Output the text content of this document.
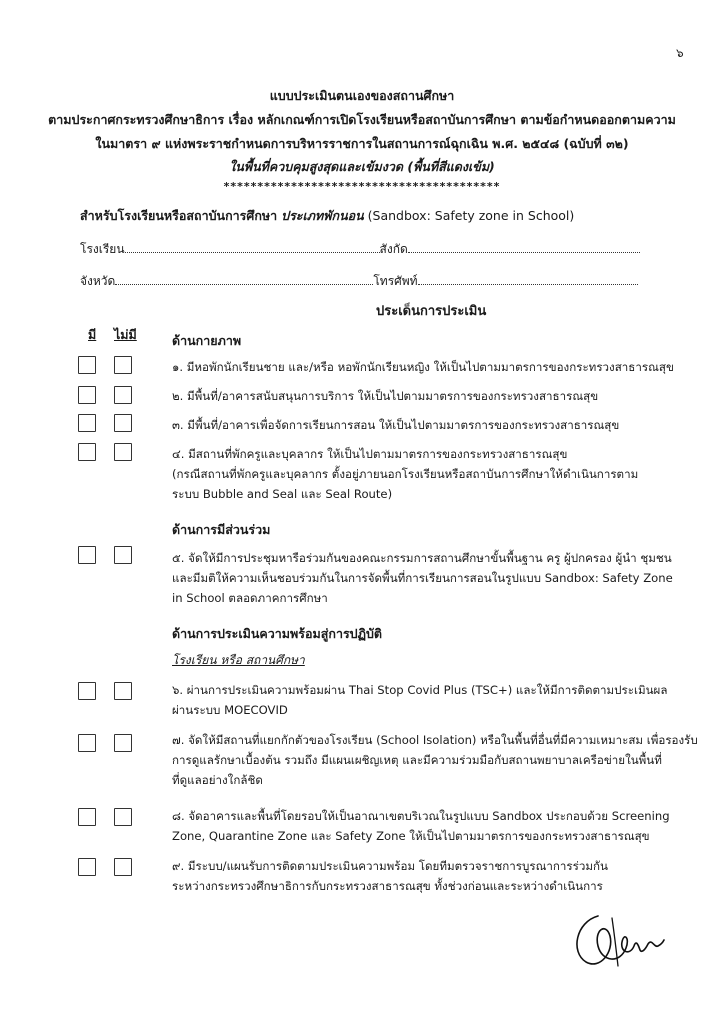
๖
แบบประเมินตนเองของสถานศึกษา
ตามประกาศกระทรวงศึกษาธิการ เรื่อง หลักเกณฑ์การเปิดโรงเรียนหรือสถาบันการศึกษา ตามข้อกำหนดออกตามความ
ในมาตรา ๙ แห่งพระราชกำหนดการบริหารราชการในสถานการณ์ฉุกเฉิน พ.ศ. ๒๕๔๘ (ฉบับที่ ๓๒)
ในพื้นที่ควบคุมสูงสุดและเข้มงวด (พื้นที่สีแดงเข้ม)
*****************************************
สำหรับโรงเรียนหรือสถาบันการศึกษา ประเภทพักนอน (Sandbox: Safety zone in School)
โรงเรียน	สังกัด
จังหวัด	โทรศัพท์
ประเด็นการประเมิน
มี ไม่มี	ด้านกายภาพ
๑. มีหอพักนักเรียนชาย และ/หรือ หอพักนักเรียนหญิง ให้เป็นไปตามมาตรการของกระทรวงสาธารณสุข
๒. มีพื้นที่/อาคารสนับสนุนการบริการ ให้เป็นไปตามมาตรการของกระทรวงสาธารณสุข
๓. มีพื้นที่/อาคารเพื่อจัดการเรียนการสอน ให้เป็นไปตามมาตรการของกระทรวงสาธารณสุข
๔. มีสถานที่พักครูและบุคลากร ให้เป็นไปตามมาตรการของกระทรวงสาธารณสุข
(กรณีสถานที่พักครูและบุคลากร ตั้งอยู่ภายนอกโรงเรียนหรือสถาบันการศึกษาให้ดำเนินการตาม
ระบบ Bubble and Seal และ Seal Route)
ด้านการมีส่วนร่วม
๕. จัดให้มีการประชุมหารือร่วมกันของคณะกรรมการสถานศึกษาขั้นพื้นฐาน ครู ผู้ปกครอง ผู้นำ ชุมชน
และมีมติให้ความเห็นชอบร่วมกันในการจัดพื้นที่การเรียนการสอนในรูปแบบ Sandbox: Safety Zone
in School ตลอดภาคการศึกษา
ด้านการประเมินความพร้อมสู่การปฏิบัติ
โรงเรียน หรือ สถานศึกษา
๖. ผ่านการประเมินความพร้อมผ่าน Thai Stop Covid Plus (TSC+) และให้มีการติดตามประเมินผล
ผ่านระบบ MOECOVID
๗. จัดให้มีสถานที่แยกกักตัวของโรงเรียน (School Isolation) หรือในพื้นที่อื่นที่มีความเหมาะสม เพื่อรองรับ
การดูแลรักษาเบื้องต้น รวมถึง มีแผนเผชิญเหตุ และมีความร่วมมือกับสถานพยาบาลเครือข่ายในพื้นที่
ที่ดูแลอย่างใกล้ชิด
๘. จัดอาคารและพื้นที่โดยรอบให้เป็นอาณาเขตบริเวณในรูปแบบ Sandbox ประกอบด้วย Screening
Zone, Quarantine Zone และ Safety Zone ให้เป็นไปตามมาตรการของกระทรวงสาธารณสุข
๙. มีระบบ/แผนรับการติดตามประเมินความพร้อม โดยทีมตรวจราชการบูรณาการร่วมกัน
ระหว่างกระทรวงศึกษาธิการกับกระทรวงสาธารณสุข ทั้งช่วงก่อนและระหว่างดำเนินการ
